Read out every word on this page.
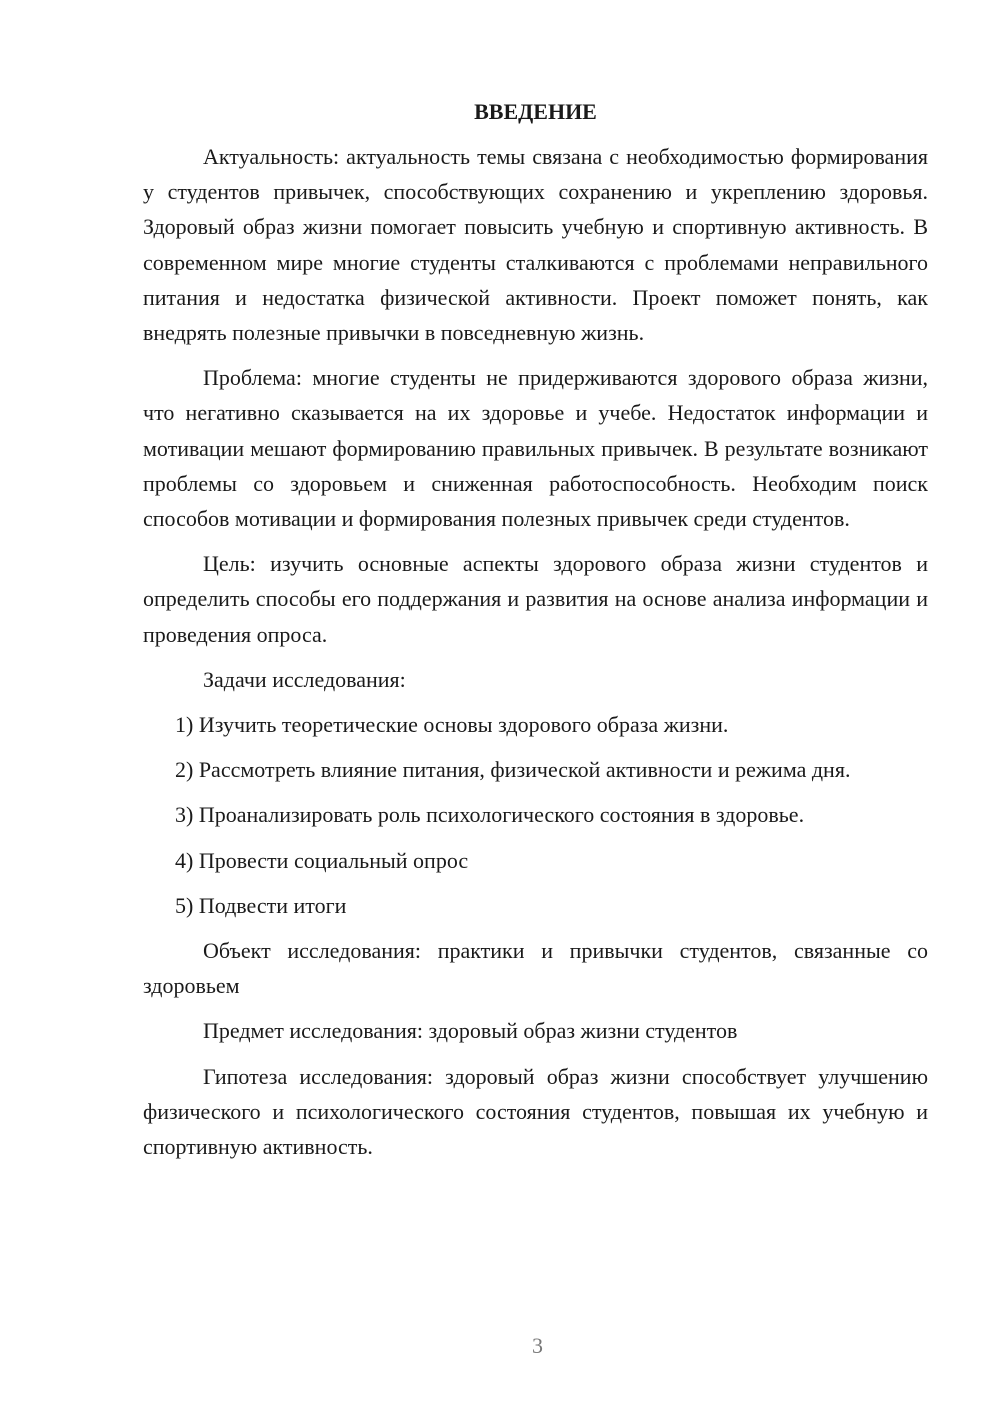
ВВЕДЕНИЕ

Актуальность: актуальность темы связана с необходимостью формирования у студентов привычек, способствующих сохранению и укреплению здоровья. Здоровый образ жизни помогает повысить учебную и спортивную активность. В современном мире многие студенты сталкиваются с проблемами неправильного питания и недостатка физической активности. Проект поможет понять, как внедрять полезные привычки в повседневную жизнь.

Проблема: многие студенты не придерживаются здорового образа жизни, что негативно сказывается на их здоровье и учебе. Недостаток информации и мотивации мешают формированию правильных привычек. В результате возникают проблемы со здоровьем и сниженная работоспособность. Необходим поиск способов мотивации и формирования полезных привычек среди студентов.

Цель: изучить основные аспекты здорового образа жизни студентов и определить способы его поддержания и развития на основе анализа информации и проведения опроса.

Задачи исследования:

1) Изучить теоретические основы здорового образа жизни.

2) Рассмотреть влияние питания, физической активности и режима дня.

3) Проанализировать роль психологического состояния в здоровье.

4) Провести социальный опрос

5) Подвести итоги

Объект исследования: практики и привычки студентов, связанные со здоровьем

Предмет исследования: здоровый образ жизни студентов

Гипотеза исследования: здоровый образ жизни способствует улучшению физического и психологического состояния студентов, повышая их учебную и спортивную активность.

3
